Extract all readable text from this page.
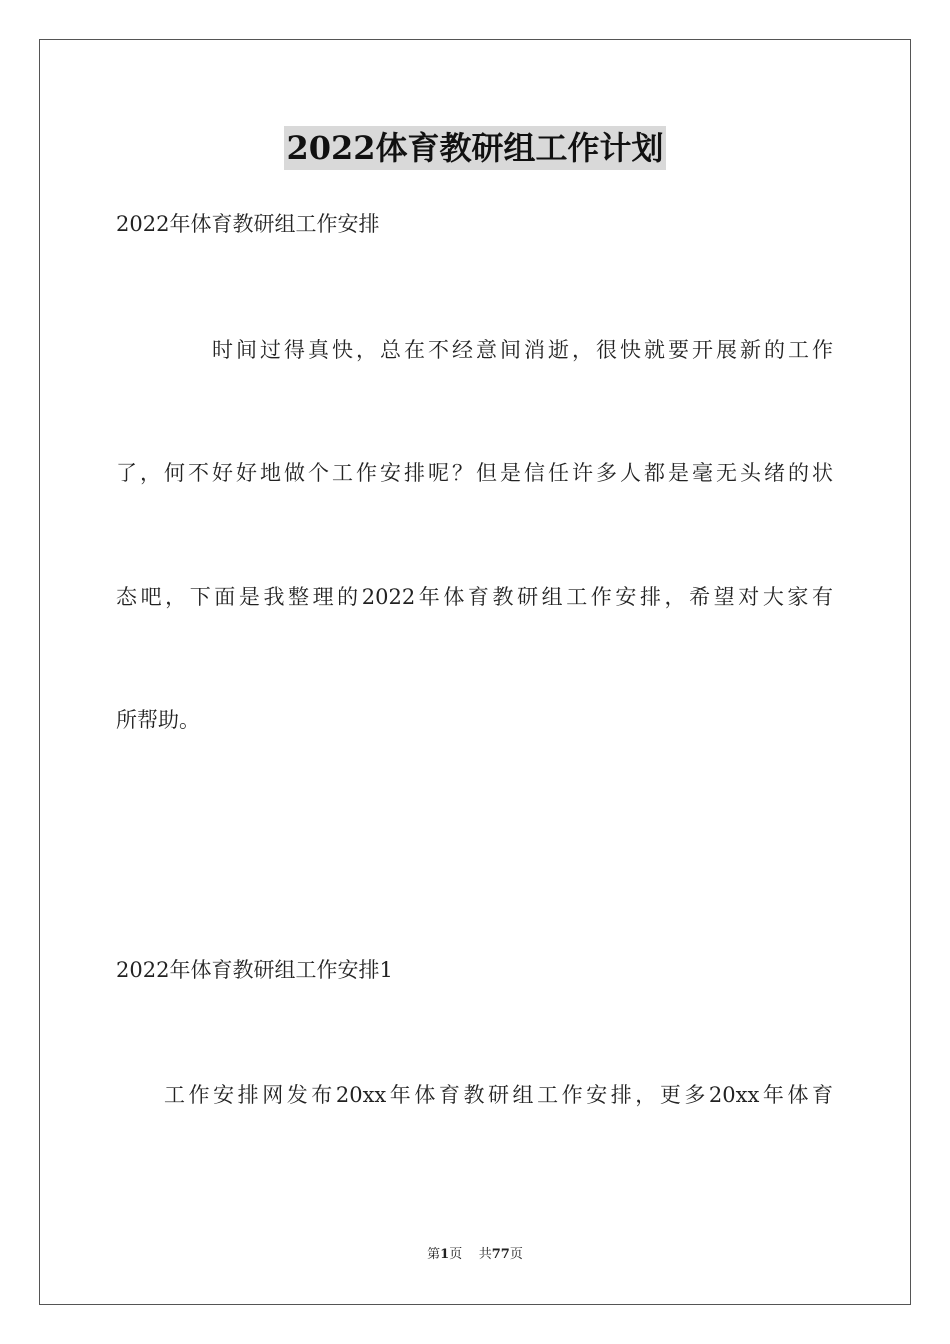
2022体育教研组工作计划
2022年体育教研组工作安排
时间过得真快，总在不经意间消逝，很快就要开展新的工作
了，何不好好地做个工作安排呢？但是信任许多人都是毫无头绪的状
态吧，下面是我整理的2022年体育教研组工作安排，希望对大家有
所帮助。
2022年体育教研组工作安排1
工作安排网发布20xx年体育教研组工作安排，更多20xx年体育
第1页 共77页
